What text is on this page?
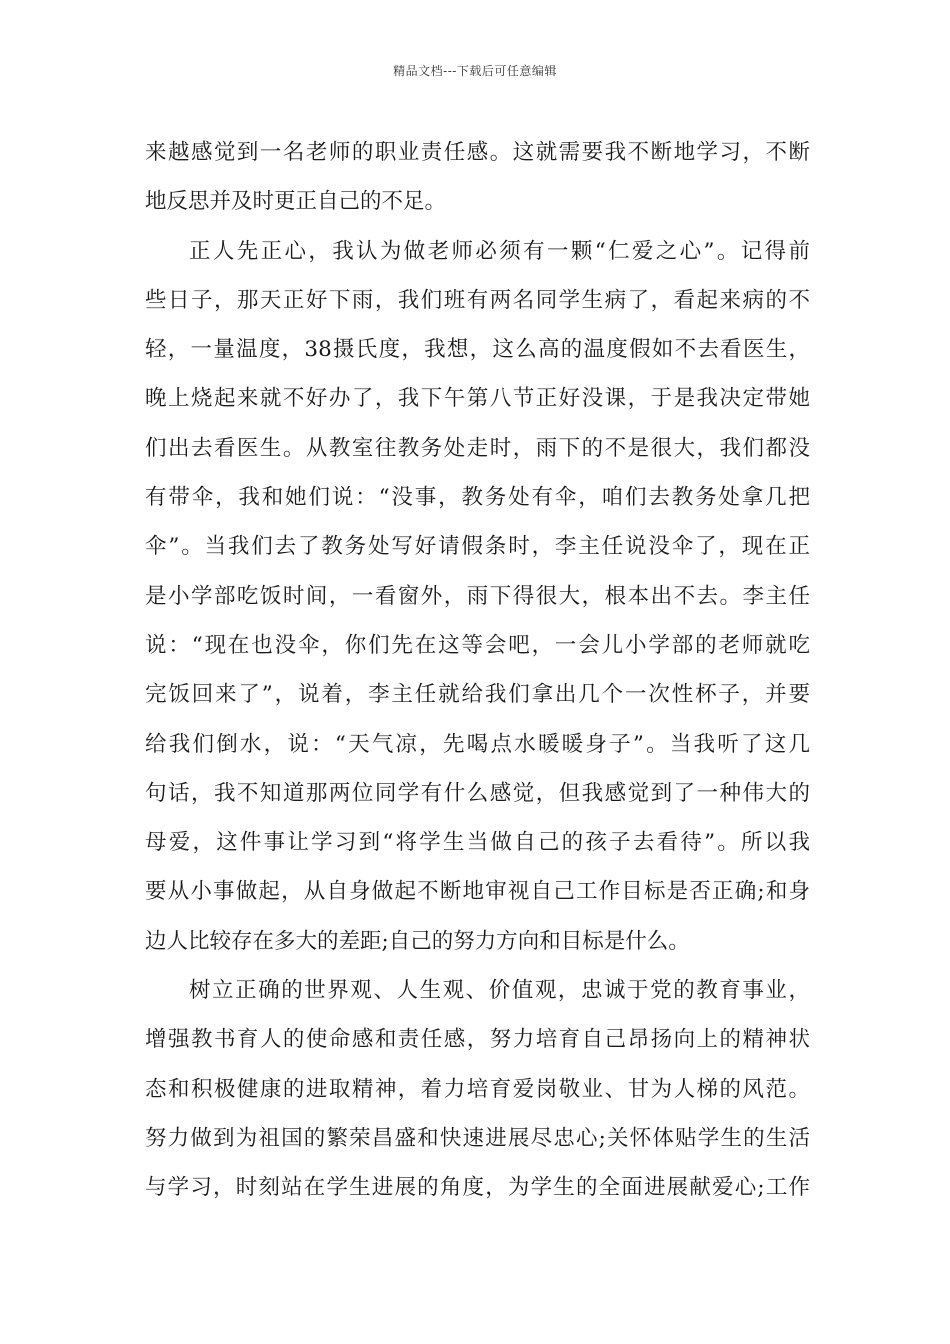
精品文档---下载后可任意编辑
来越感觉到一名老师的职业责任感。这就需要我不断地学习，不断
地反思并及时更正自己的不足。
正人先正心，我认为做老师必须有一颗“仁爱之心”。记得前
些日子，那天正好下雨，我们班有两名同学生病了，看起来病的不
轻，一量温度，38摄氏度，我想，这么高的温度假如不去看医生，
晚上烧起来就不好办了，我下午第八节正好没课，于是我决定带她
们出去看医生。从教室往教务处走时，雨下的不是很大，我们都没
有带伞，我和她们说：“没事，教务处有伞，咱们去教务处拿几把
伞”。当我们去了教务处写好请假条时，李主任说没伞了，现在正
是小学部吃饭时间，一看窗外，雨下得很大，根本出不去。李主任
说：“现在也没伞，你们先在这等会吧，一会儿小学部的老师就吃
完饭回来了”，说着，李主任就给我们拿出几个一次性杯子，并要
给我们倒水，说：“天气凉，先喝点水暖暖身子”。当我听了这几
句话，我不知道那两位同学有什么感觉，但我感觉到了一种伟大的
母爱，这件事让学习到“将学生当做自己的孩子去看待”。所以我
要从小事做起，从自身做起不断地审视自己工作目标是否正确;和身
边人比较存在多大的差距;自己的努力方向和目标是什么。
树立正确的世界观、人生观、价值观，忠诚于党的教育事业，
增强教书育人的使命感和责任感，努力培育自己昂扬向上的精神状
态和积极健康的进取精神，着力培育爱岗敬业、甘为人梯的风范。
努力做到为祖国的繁荣昌盛和快速进展尽忠心;关怀体贴学生的生活
与学习，时刻站在学生进展的角度，为学生的全面进展献爱心;工作
